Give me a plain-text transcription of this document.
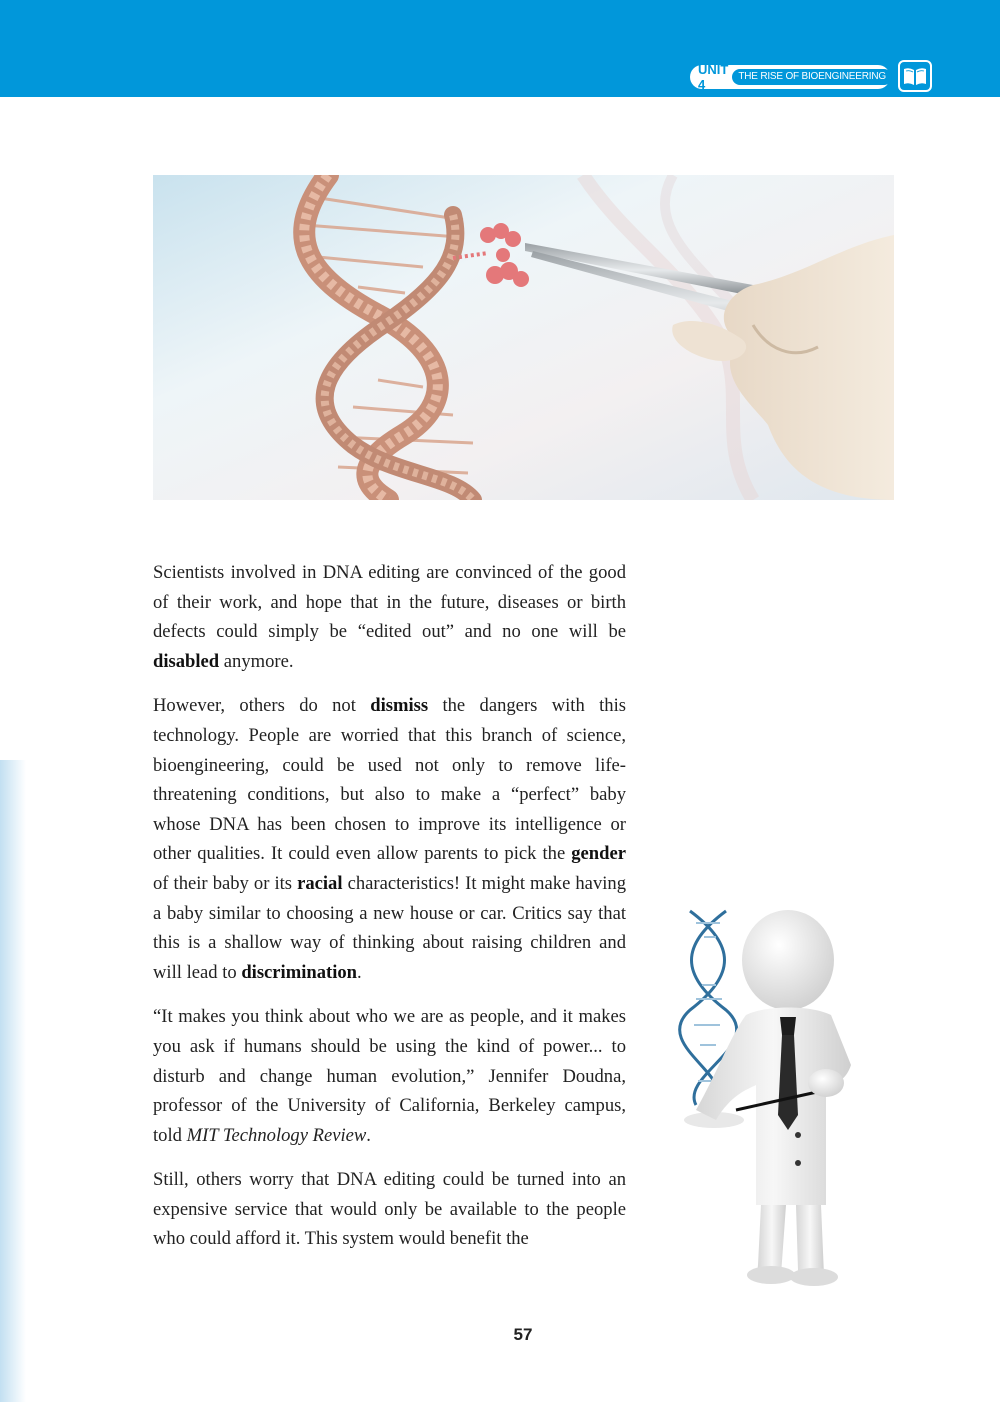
UNIT 4
THE RISE OF BIOENGINEERING

Scientists involved in DNA editing are convinced of the good of their work, and hope that in the future, diseases or birth defects could simply be “edited out” and no one will be disabled anymore.

However, others do not dismiss the dangers with this technology. People are worried that this branch of science, bioengineering, could be used not only to remove life-threatening conditions, but also to make a “perfect” baby whose DNA has been chosen to improve its intelligence or other qualities. It could even allow parents to pick the gender of their baby or its racial characteristics! It might make having a baby similar to choosing a new house or car. Critics say that this is a shallow way of thinking about raising children and will lead to discrimination.

“It makes you think about who we are as people, and it makes you ask if humans should be using the kind of power... to disturb and change human evolution,” Jennifer Doudna, professor of the University of California, Berkeley campus, told MIT Technology Review.

Still, others worry that DNA editing could be turned into an expensive service that would only be available to the people who could afford it. This system would benefit the

57
